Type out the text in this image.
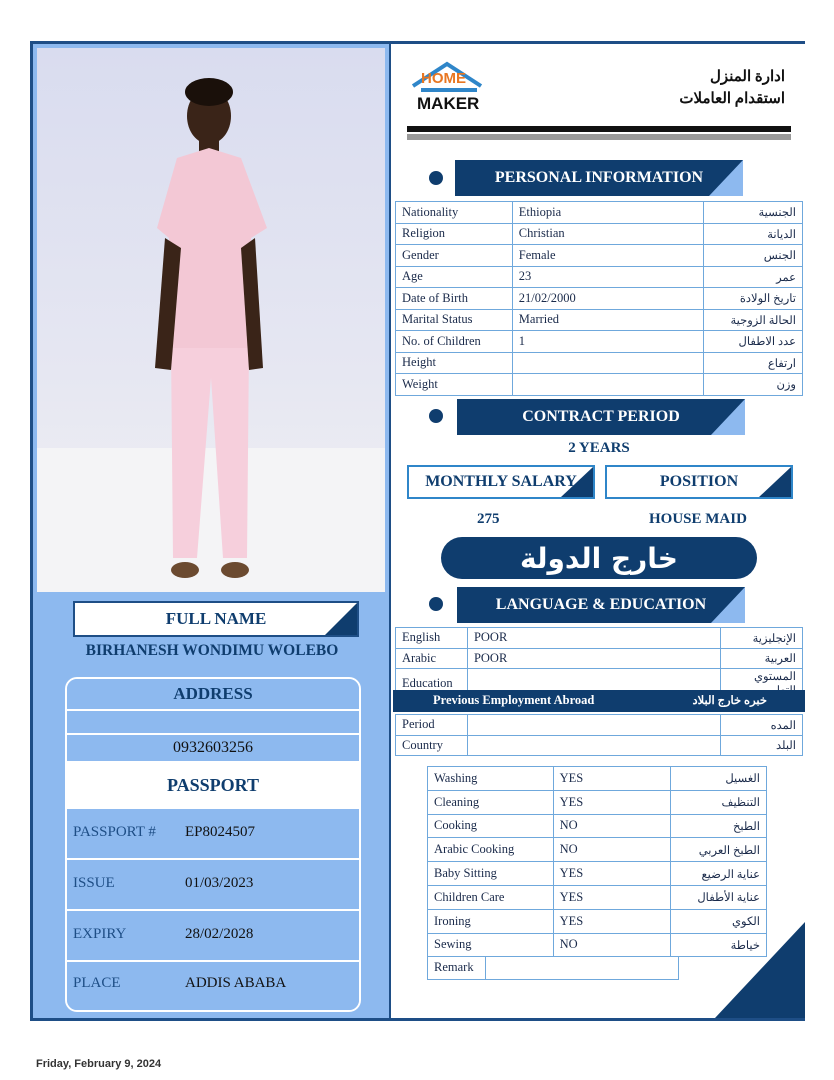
FULL NAME
BIRHANESH WONDIMU WOLEBO
ADDRESS
0932603256
PASSPORT
PASSPORT # EP8024507
ISSUE	01/03/2023
EXPIRY	28/02/2028
PLACE	ADDIS ABABA
HOME
MAKER
ادارة المنزل
استقدام العاملات
PERSONAL INFORMATION
Nationality	Ethiopia	الجنسية
Religion	Christian	الديانة
Gender	Female	الجنس
Age	23	عمر
Date of Birth	21/02/2000	تاريخ الولادة
Marital Status	Married	الحالة الزوجية
No. of Children	1	عدد الاطفال
Height		ارتفاع
Weight		وزن
CONTRACT PERIOD
2 YEARS
MONTHLY SALARY	POSITION
275	HOUSE MAID
خارج الدولة
LANGUAGE & EDUCATION
English	POOR	الإنجليزية
Arabic	POOR	العربية
Education		المستوي
Previous Employment Abroad	خبره خارج البلاد
Period		المده
Country		البلد
Washing	YES	الغسيل
Cleaning	YES	التنظيف
Cooking	NO	الطبخ
Arabic Cooking	NO	الطبخ العربي
Baby Sitting	YES	عناية الرضيع
Children Care	YES	عناية الأطفال
Ironing	YES	الكوي
Sewing	NO	خياطة
Remark	
Friday, February 9, 2024
